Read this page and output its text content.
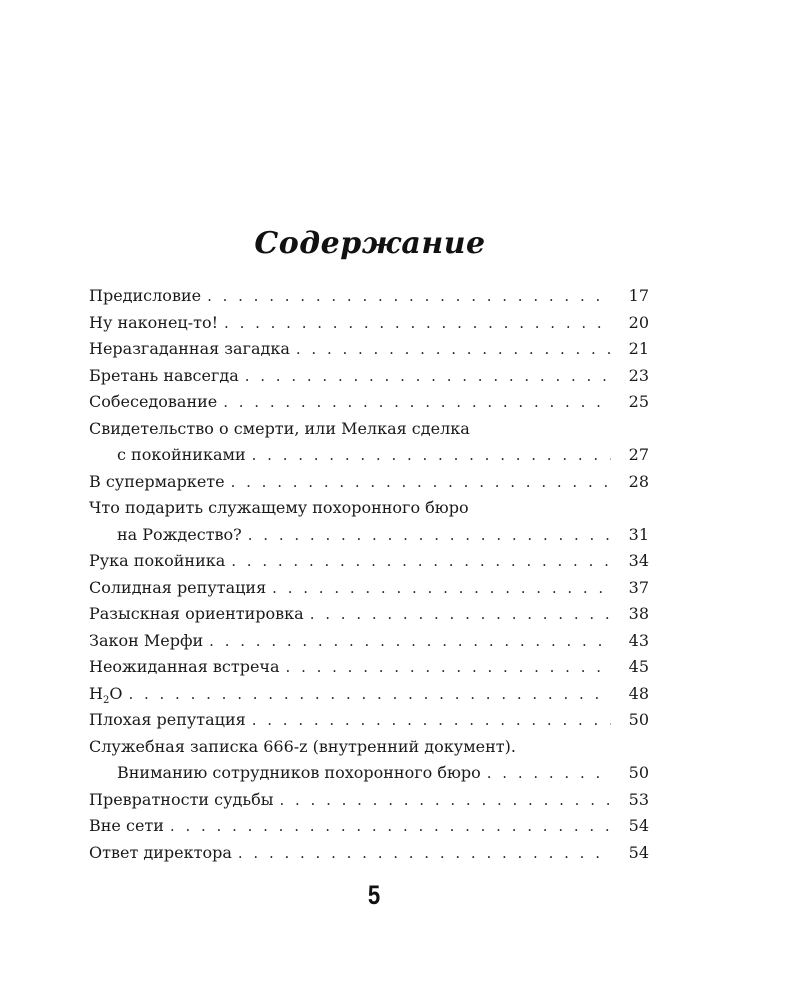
Содержание
Предисловие . . .	17
Ну наконец-то! . . .	20
Неразгаданная загадка . . .	21
Бретань навсегда . . .	23
Собеседование . . .	25
Свидетельство о смерти, или Мелкая сделка
с покойниками . . .	27
В супермаркете . . .	28
Что подарить служащему похоронного бюро
на Рождество? . . .	31
Рука покойника . . .	34
Солидная репутация . . .	37
Разыскная ориентировка . . .	38
Закон Мерфи . . .	43
Неожиданная встреча . . .	45
$H_2O$ . . .	48
Плохая репутация . . .	50
Служебная записка 666-z (внутренний документ).
Вниманию сотрудников похоронного бюро . . .	50
Превратности судьбы . . .	53
Вне сети . . .	54
Ответ директора . . .	54
5
